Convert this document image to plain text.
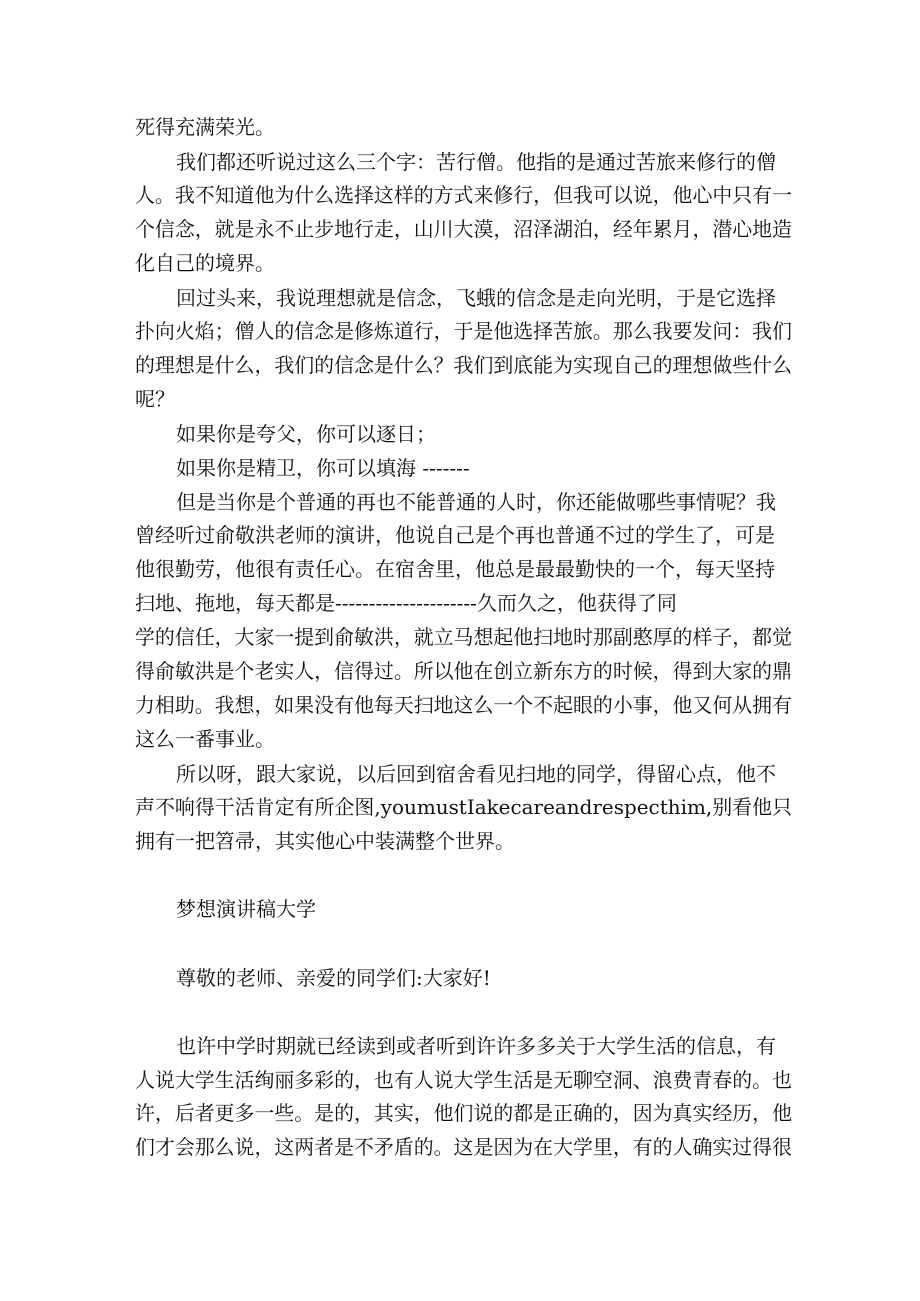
死得充满荣光。
我们都还听说过这么三个字：苦行僧。他指的是通过苦旅来修行的僧
人。我不知道他为什么选择这样的方式来修行，但我可以说，他心中只有一
个信念，就是永不止步地行走，山川大漠，沼泽湖泊，经年累月，潜心地造
化自己的境界。
回过头来，我说理想就是信念，飞蛾的信念是走向光明，于是它选择
扑向火焰；僧人的信念是修炼道行，于是他选择苦旅。那么我要发问：我们
的理想是什么，我们的信念是什么？我们到底能为实现自己的理想做些什么
呢？
如果你是夸父，你可以逐日；
如果你是精卫，你可以填海 -------
但是当你是个普通的再也不能普通的人时，你还能做哪些事情呢？我
曾经听过俞敬洪老师的演讲，他说自己是个再也普通不过的学生了，可是
他很勤劳，他很有责任心。在宿舍里，他总是最最勤快的一个，每天坚持
扫地、拖地，每天都是---------------------久而久之，他获得了同
学的信任，大家一提到俞敏洪，就立马想起他扫地时那副憨厚的样子，都觉
得俞敏洪是个老实人，信得过。所以他在创立新东方的时候，得到大家的鼎
力相助。我想，如果没有他每天扫地这么一个不起眼的小事，他又何从拥有
这么一番事业。
所以呀，跟大家说，以后回到宿舍看见扫地的同学，得留心点，他不
声不响得干活肯定有所企图,youmustIakecareandrespecthim,别看他只
拥有一把笤帚，其实他心中装满整个世界。
梦想演讲稿大学
尊敬的老师、亲爱的同学们:大家好!
也许中学时期就已经读到或者听到许许多多关于大学生活的信息，有
人说大学生活绚丽多彩的，也有人说大学生活是无聊空洞、浪费青春的。也
许，后者更多一些。是的，其实，他们说的都是正确的，因为真实经历，他
们才会那么说，这两者是不矛盾的。这是因为在大学里，有的人确实过得很
